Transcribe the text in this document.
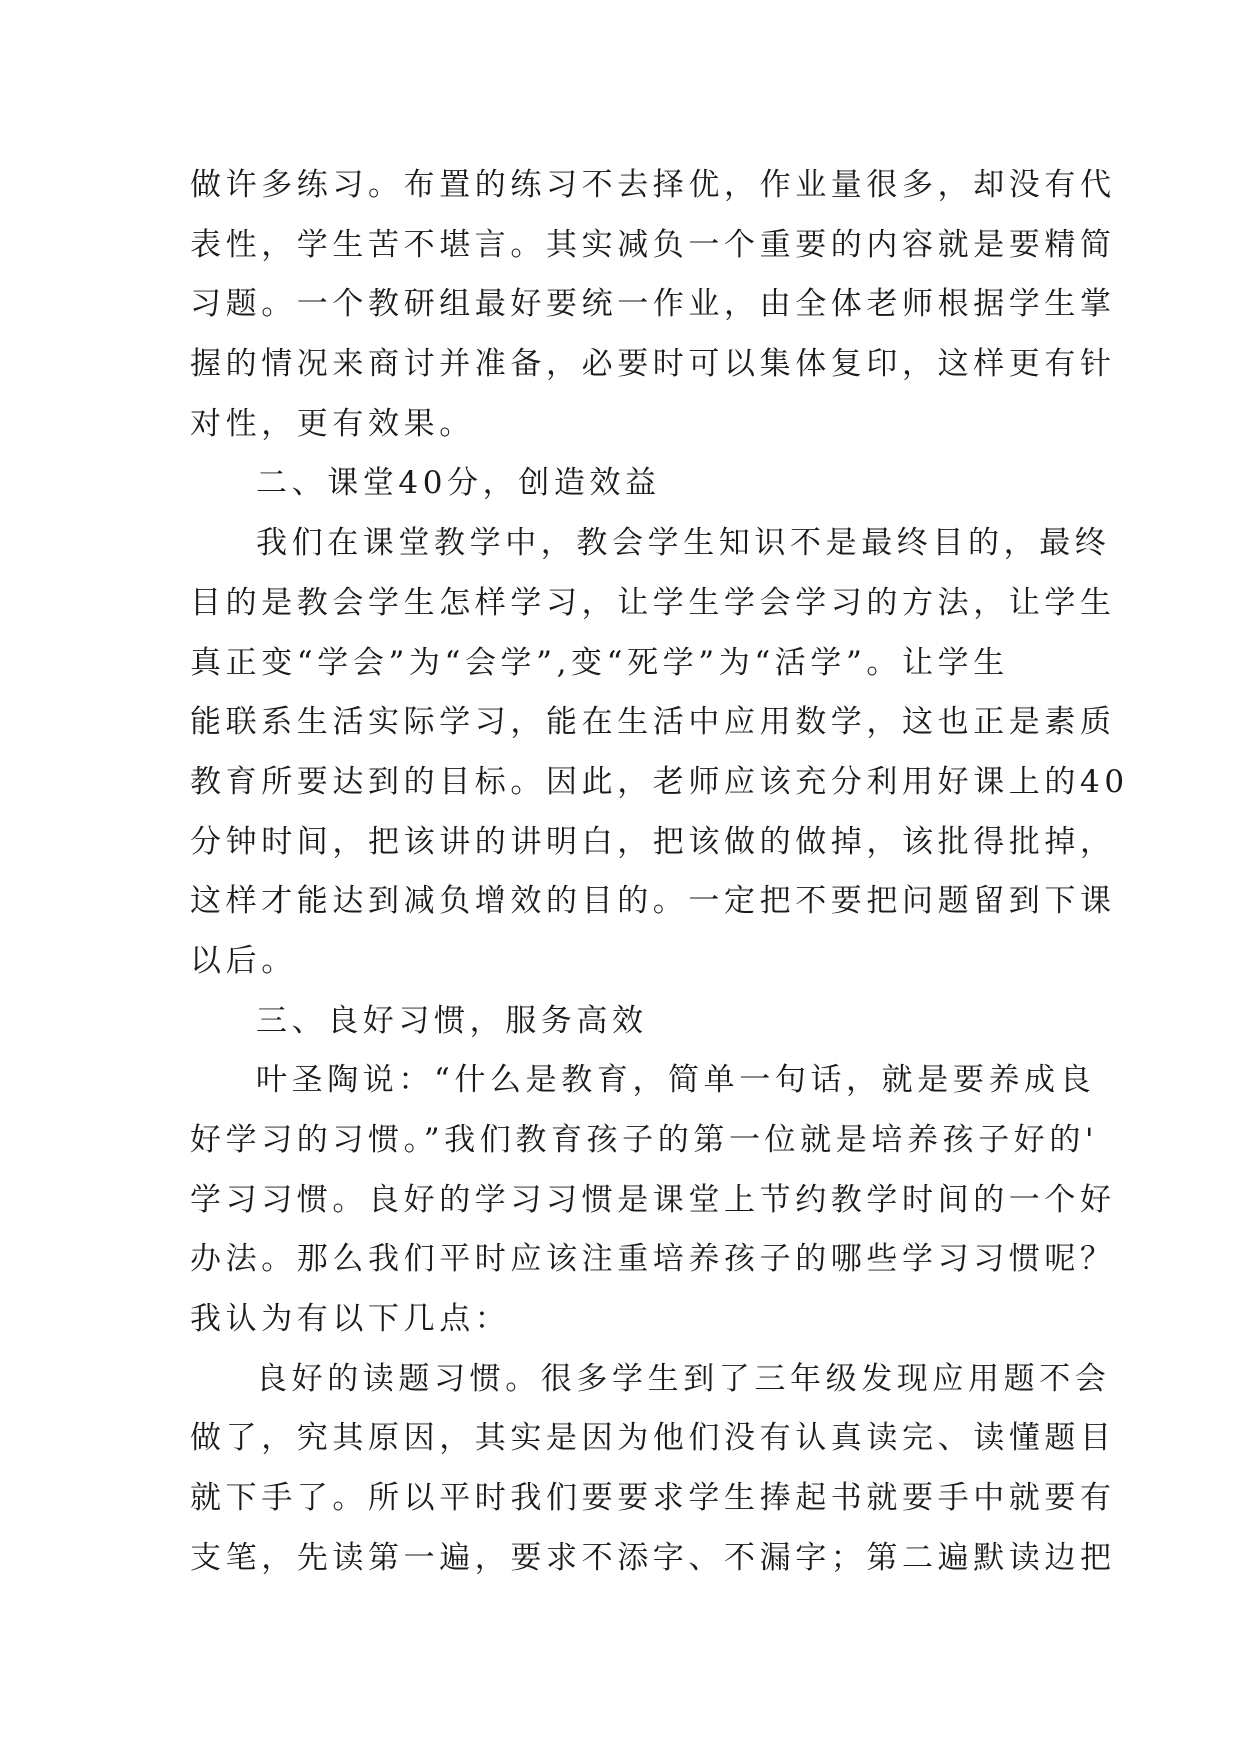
做许多练习。布置的练习不去择优，作业量很多，却没有代
表性，学生苦不堪言。其实减负一个重要的内容就是要精简
习题。一个教研组最好要统一作业，由全体老师根据学生掌
握的情况来商讨并准备，必要时可以集体复印，这样更有针
对性，更有效果。
二、课堂40分，创造效益
我们在课堂教学中，教会学生知识不是最终目的，最终
目的是教会学生怎样学习，让学生学会学习的方法，让学生
真正变“学会”为“会学”,变“死学”为“活学”。让学生
能联系生活实际学习，能在生活中应用数学，这也正是素质
教育所要达到的目标。因此，老师应该充分利用好课上的40
分钟时间，把该讲的讲明白，把该做的做掉，该批得批掉，
这样才能达到减负增效的目的。一定把不要把问题留到下课
以后。
三、良好习惯，服务高效
叶圣陶说：“什么是教育，简单一句话，就是要养成良
好学习的习惯。”我们教育孩子的第一位就是培养孩子好的'
学习习惯。良好的学习习惯是课堂上节约教学时间的一个好
办法。那么我们平时应该注重培养孩子的哪些学习习惯呢？
我认为有以下几点：
良好的读题习惯。很多学生到了三年级发现应用题不会
做了，究其原因，其实是因为他们没有认真读完、读懂题目
就下手了。所以平时我们要要求学生捧起书就要手中就要有
支笔，先读第一遍，要求不添字、不漏字；第二遍默读边把
